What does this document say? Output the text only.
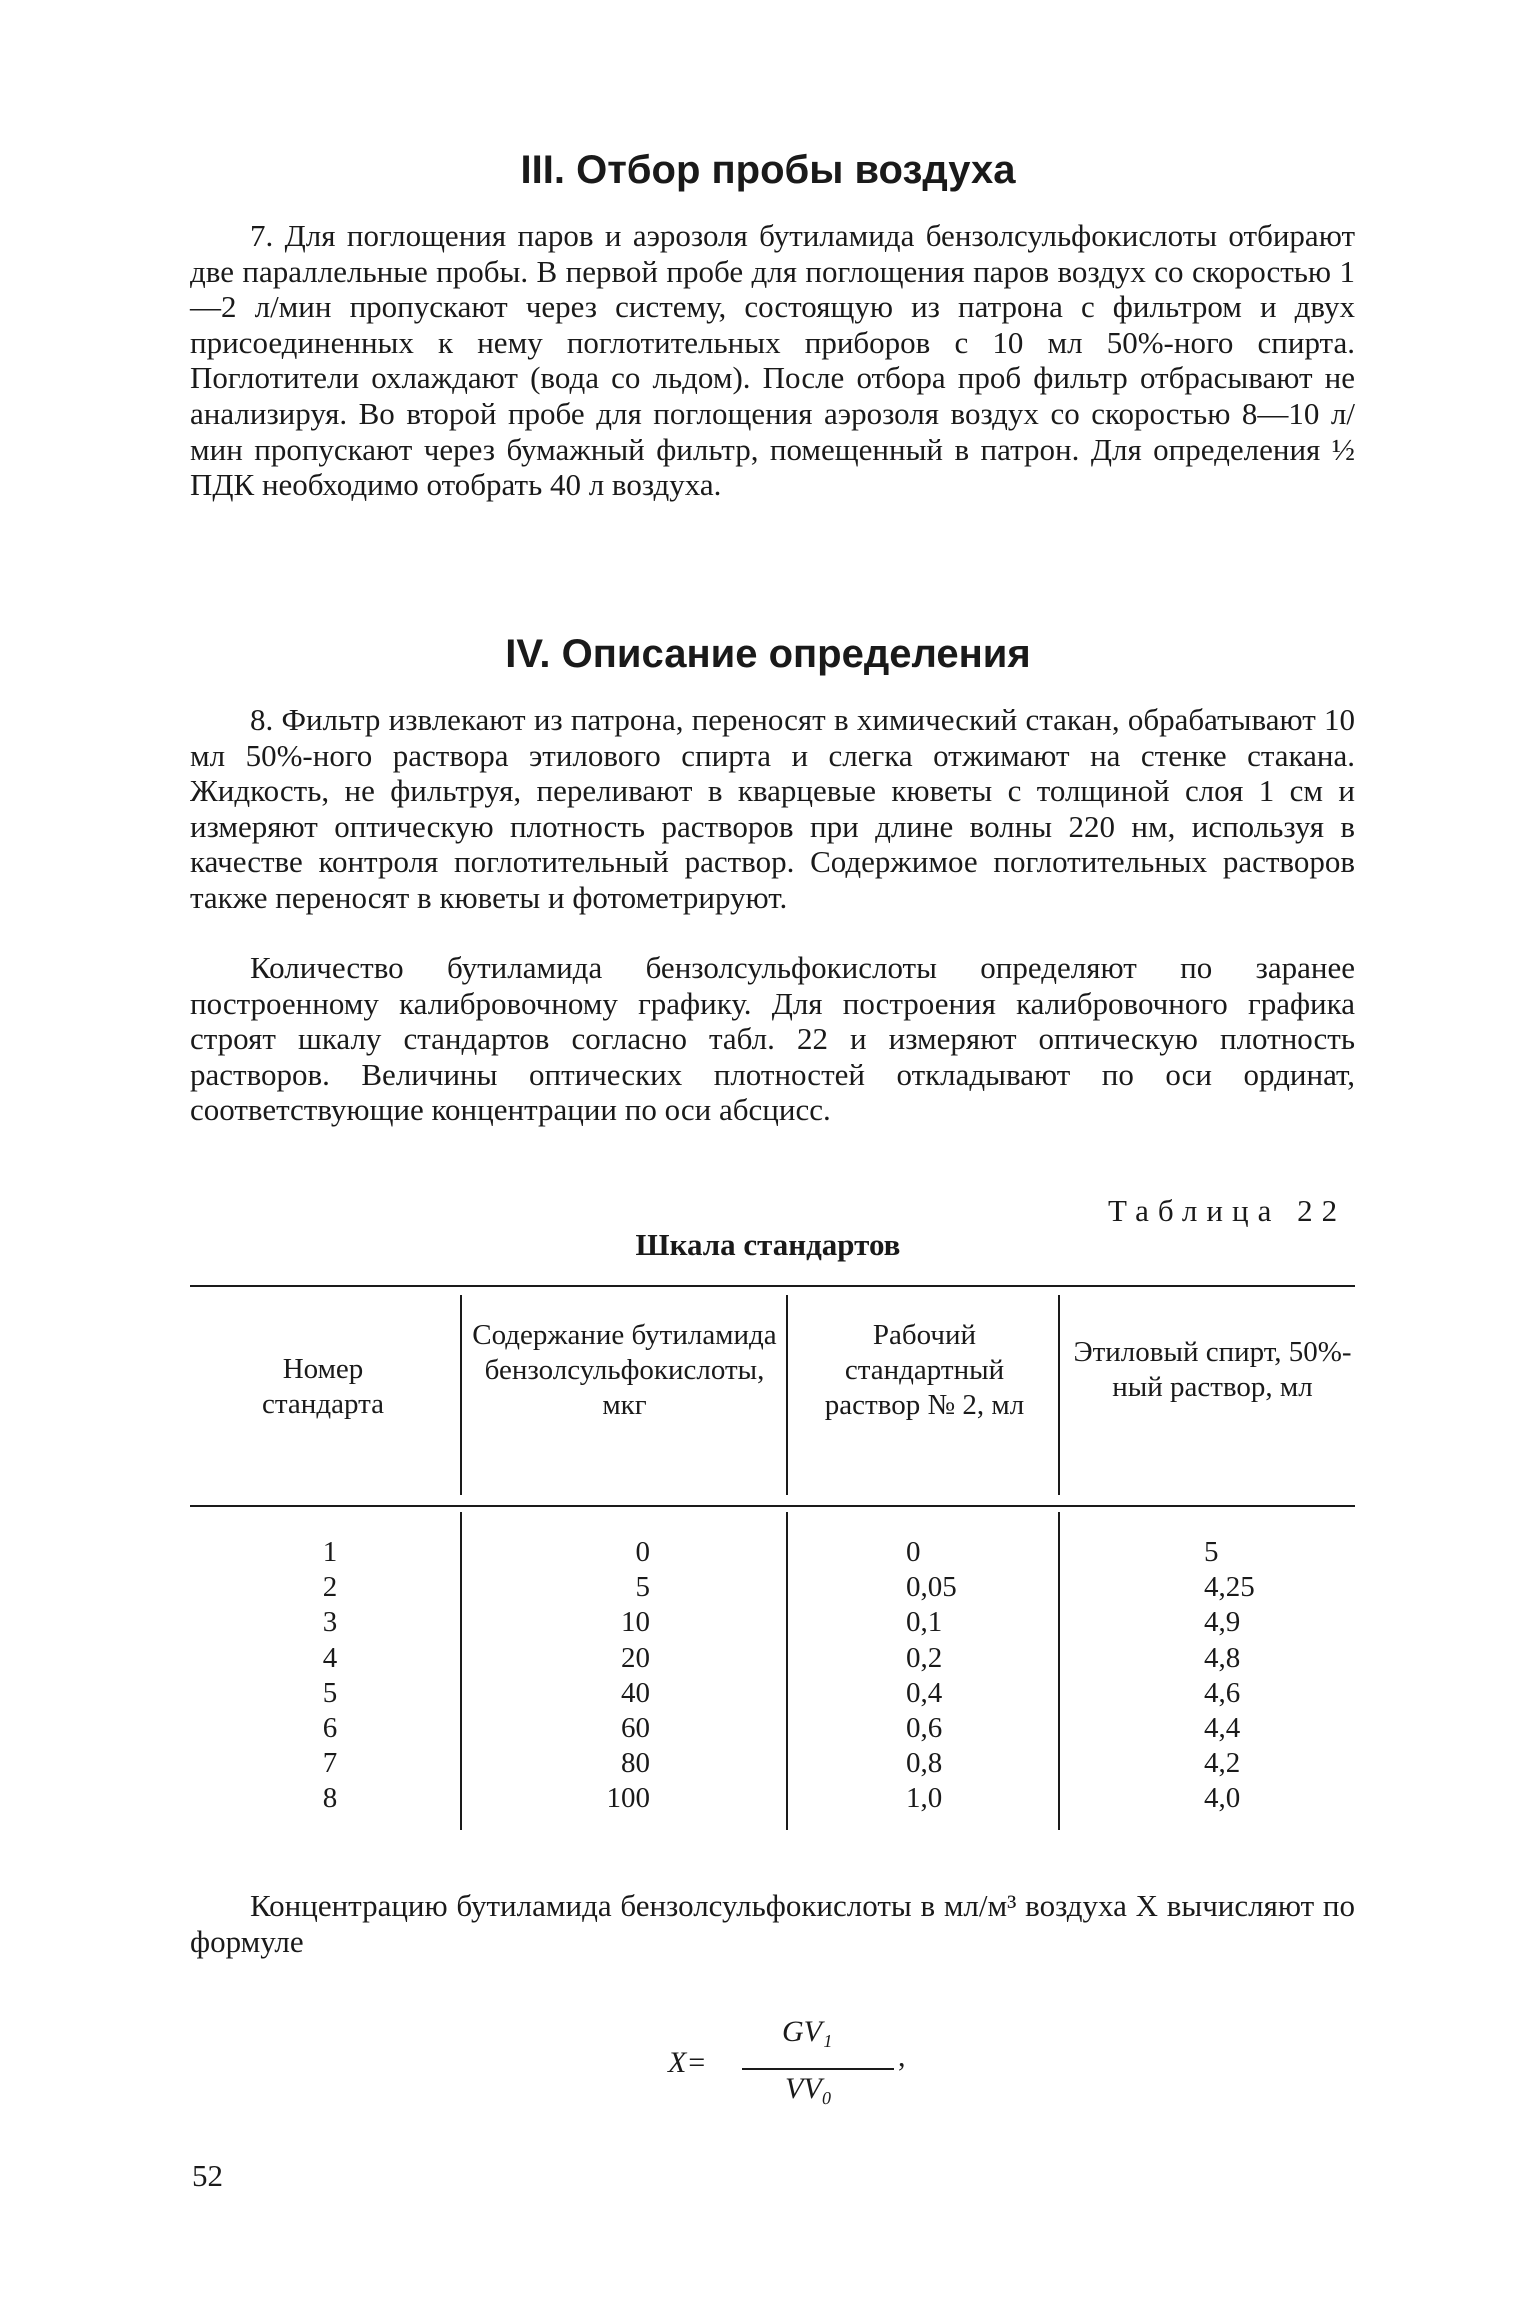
III. Отбор пробы воздуха

7. Для поглощения паров и аэрозоля бутиламида бензолсульфокислоты отбирают две параллельные пробы. В первой пробе для поглощения паров воздух со скоростью 1—2 л/мин пропускают через систему, состоящую из патрона с фильтром и двух присоединенных к нему поглотительных приборов с 10 мл 50%-ного спирта. Поглотители охлаждают (вода со льдом). После отбора проб фильтр отбрасывают не анализируя. Во второй пробе для поглощения аэрозоля воздух со скоростью 8—10 л/мин пропускают через бумажный фильтр, помещенный в патрон. Для определения ½ ПДК необходимо отобрать 40 л воздуха.

IV. Описание определения

8. Фильтр извлекают из патрона, переносят в химический стакан, обрабатывают 10 мл 50%-ного раствора этилового спирта и слегка отжимают на стенке стакана. Жидкость, не фильтруя, переливают в кварцевые кюветы с толщиной слоя 1 см и измеряют оптическую плотность растворов при длине волны 220 нм, используя в качестве контроля поглотительный раствор. Содержимое поглотительных растворов также переносят в кюветы и фотометрируют.

Количество бутиламида бензолсульфокислоты определяют по заранее построенному калибровочному графику. Для построения калибровочного графика строят шкалу стандартов согласно табл. 22 и измеряют оптическую плотность растворов. Величины оптических плотностей откладывают по оси ординат, соответствующие концентрации по оси абсцисс.

Таблица 22
Шкала стандартов
Номер стандарта
Содержание бутиламида бензолсульфокислоты, мкг
Рабочий стандартный раствор № 2, мл
Этиловый спирт, 50%-ный раствор, мл
1
2
3
4
5
6
7
8
0
5
10
20
40
60
80
100
0
0,05
0,1
0,2
0,4
0,6
0,8
1,0
5
4,25
4,9
4,8
4,6
4,4
4,2
4,0

Концентрацию бутиламида бензолсульфокислоты в мл/м³ воздуха X вычисляют по формуле

X=
GV₁
VV₀
,
52
